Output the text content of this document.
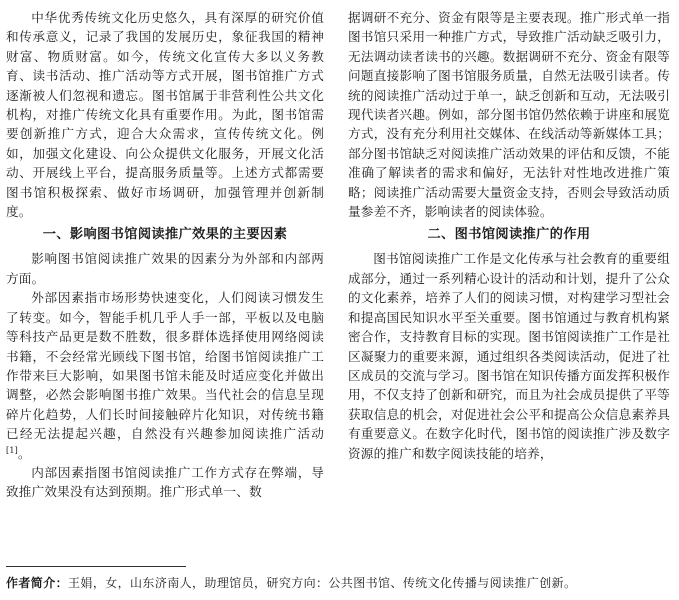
中华优秀传统文化历史悠久，具有深厚的研究价值和传承意义，记录了我国的发展历史，象征我国的精神财富、物质财富。如今，传统文化宣传大多以义务教育、读书活动、推广活动等方式开展，图书馆推广方式逐渐被人们忽视和遗忘。图书馆属于非营利性公共文化机构，对推广传统文化具有重要作用。为此，图书馆需要创新推广方式，迎合大众需求，宣传传统文化。例如，加强文化建设、向公众提供文化服务，开展文化活动、开展线上平台，提高服务质量等。上述方式都需要图书馆积极探索、做好市场调研，加强管理并创新制度。

一、影响图书馆阅读推广效果的主要因素

影响图书馆阅读推广效果的因素分为外部和内部两方面。

外部因素指市场形势快速变化，人们阅读习惯发生了转变。如今，智能手机几乎人手一部，平板以及电脑等科技产品更是数不胜数，很多群体选择使用网络阅读书籍，不会经常光顾线下图书馆，给图书馆阅读推广工作带来巨大影响，如果图书馆未能及时适应变化并做出调整，必然会影响图书推广效果。当代社会的信息呈现碎片化趋势，人们长时间接触碎片化知识，对传统书籍已经无法提起兴趣，自然没有兴趣参加阅读推广活动[1]。

内部因素指图书馆阅读推广工作方式存在弊端，导致推广效果没有达到预期。推广形式单一、数

据调研不充分、资金有限等是主要表现。推广形式单一指图书馆只采用一种推广方式，导致推广活动缺乏吸引力，无法调动读者读书的兴趣。数据调研不充分、资金有限等问题直接影响了图书馆服务质量，自然无法吸引读者。传统的阅读推广活动过于单一，缺乏创新和互动，无法吸引现代读者兴趣。例如，部分图书馆仍然依赖于讲座和展览方式，没有充分利用社交媒体、在线活动等新媒体工具；部分图书馆缺乏对阅读推广活动效果的评估和反馈，不能准确了解读者的需求和偏好，无法针对性地改进推广策略；阅读推广活动需要大量资金支持，否则会导致活动质量参差不齐，影响读者的阅读体验。

二、图书馆阅读推广的作用

图书馆阅读推广工作是文化传承与社会教育的重要组成部分，通过一系列精心设计的活动和计划，提升了公众的文化素养，培养了人们的阅读习惯，对构建学习型社会和提高国民知识水平至关重要。图书馆通过与教育机构紧密合作，支持教育目标的实现。图书馆阅读推广工作是社区凝聚力的重要来源，通过组织各类阅读活动，促进了社区成员的交流与学习。图书馆在知识传播方面发挥积极作用，不仅支持了创新和研究，而且为社会成员提供了平等获取信息的机会，对促进社会公平和提高公众信息素养具有重要意义。在数字化时代，图书馆的阅读推广涉及数字资源的推广和数字阅读技能的培养，

作者简介：王娟，女，山东济南人，助理馆员，研究方向：公共图书馆、传统文化传播与阅读推广创新。
